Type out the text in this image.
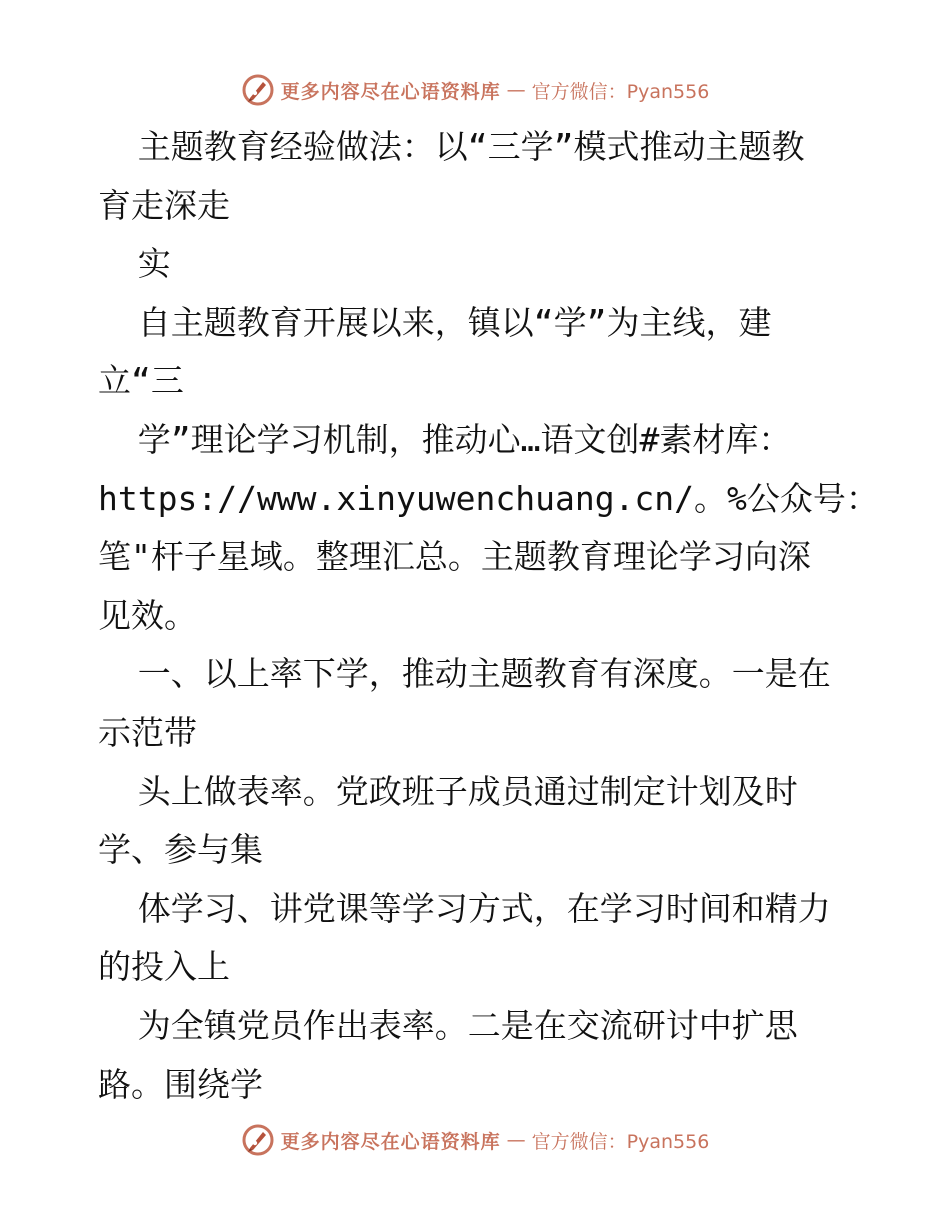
更多内容尽在心语资料库 — 官方微信：Pyan556
主题教育经验做法：以“三学”模式推动主题教
育走深走
实
自主题教育开展以来，镇以“学”为主线，建
立“三
学”理论学习机制，推动心…语文创#素材库：
https://www.xinyuwenchuang.cn/。%公众号：
笔"杆子星域。整理汇总。主题教育理论学习向深
见效。
一、以上率下学，推动主题教育有深度。一是在
示范带
头上做表率。党政班子成员通过制定计划及时
学、参与集
体学习、讲党课等学习方式，在学习时间和精力
的投入上
为全镇党员作出表率。二是在交流研讨中扩思
路。围绕学
更多内容尽在心语资料库 — 官方微信：Pyan556
